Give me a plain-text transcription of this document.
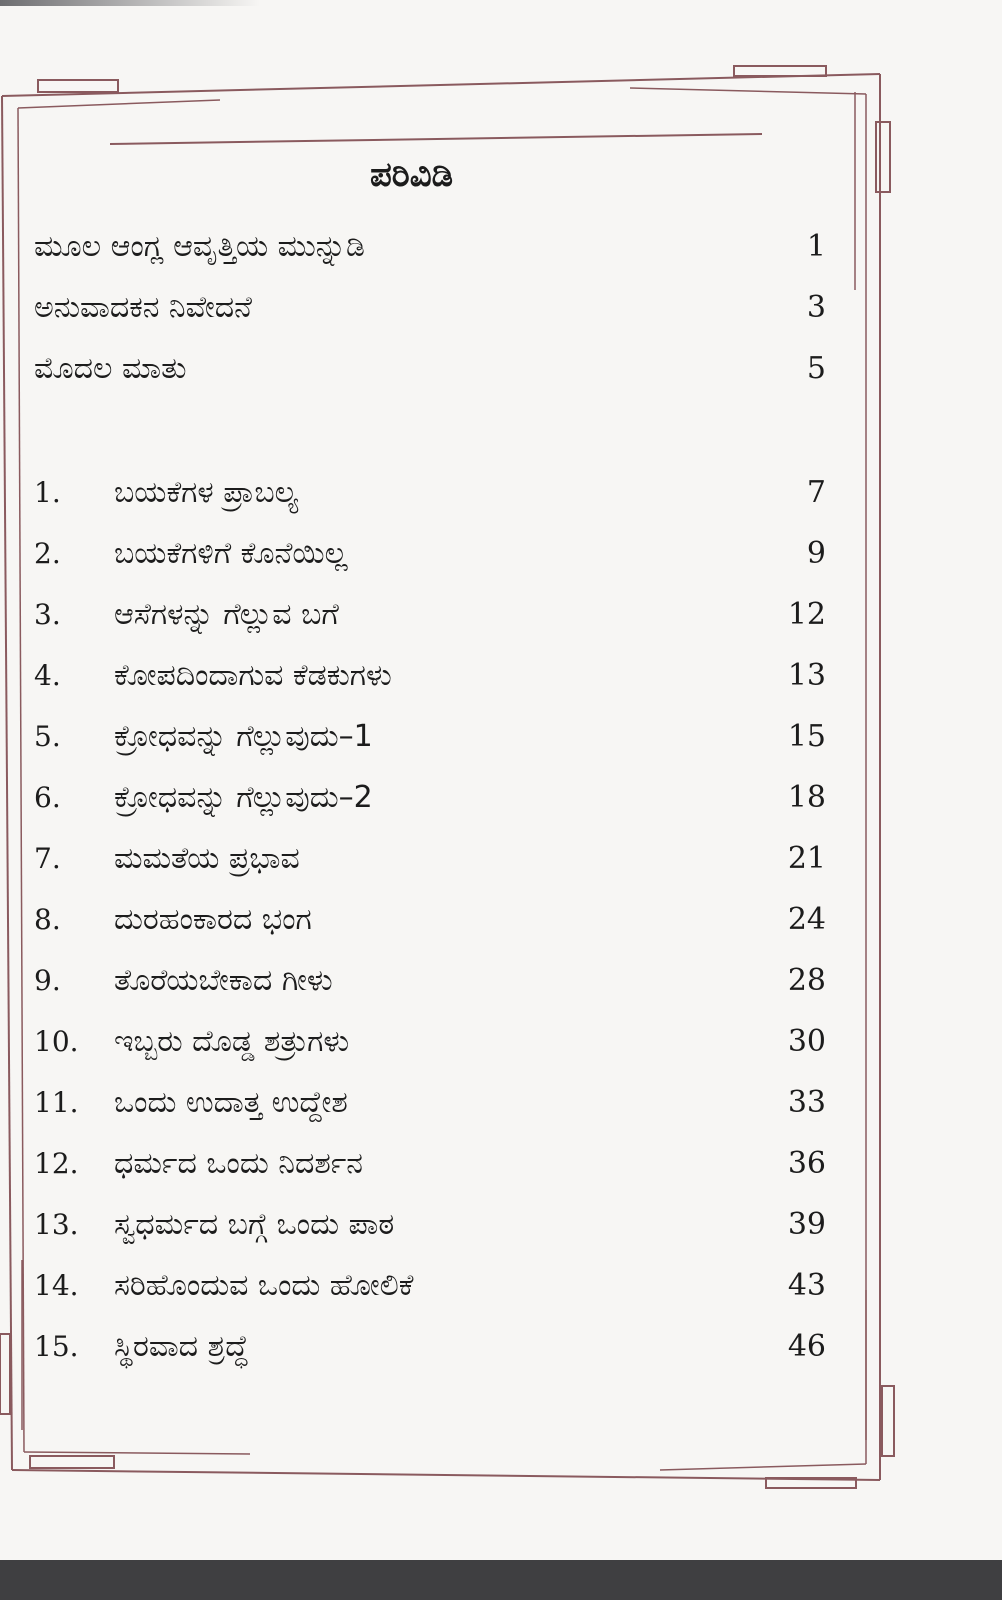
ಪರಿವಿಡಿ
ಮೂಲ ಆಂಗ್ಲ ಆವೃತ್ತಿಯ ಮುನ್ನುಡಿ	1
ಅನುವಾದಕನ ನಿವೇದನೆ	3
ಮೊದಲ ಮಾತು	5
1. ಬಯಕೆಗಳ ಪ್ರಾಬಲ್ಯ	7
2. ಬಯಕೆಗಳಿಗೆ ಕೊನೆಯಿಲ್ಲ	9
3. ಆಸೆಗಳನ್ನು ಗೆಲ್ಲುವ ಬಗೆ	12
4. ಕೋಪದಿಂದಾಗುವ ಕೆಡಕುಗಳು	13
5. ಕ್ರೋಧವನ್ನು ಗೆಲ್ಲುವುದು–1	15
6. ಕ್ರೋಧವನ್ನು ಗೆಲ್ಲುವುದು–2	18
7. ಮಮತೆಯ ಪ್ರಭಾವ	21
8. ದುರಹಂಕಾರದ ಭಂಗ	24
9. ತೊರೆಯಬೇಕಾದ ಗೀಳು	28
10. ಇಬ್ಬರು ದೊಡ್ಡ ಶತ್ರುಗಳು	30
11. ಒಂದು ಉದಾತ್ತ ಉದ್ದೇಶ	33
12. ಧರ್ಮದ ಒಂದು ನಿದರ್ಶನ	36
13. ಸ್ವಧರ್ಮದ ಬಗ್ಗೆ ಒಂದು ಪಾಠ	39
14. ಸರಿಹೊಂದುವ ಒಂದು ಹೋಲಿಕೆ	43
15. ಸ್ಥಿರವಾದ ಶ್ರದ್ಧೆ	46
